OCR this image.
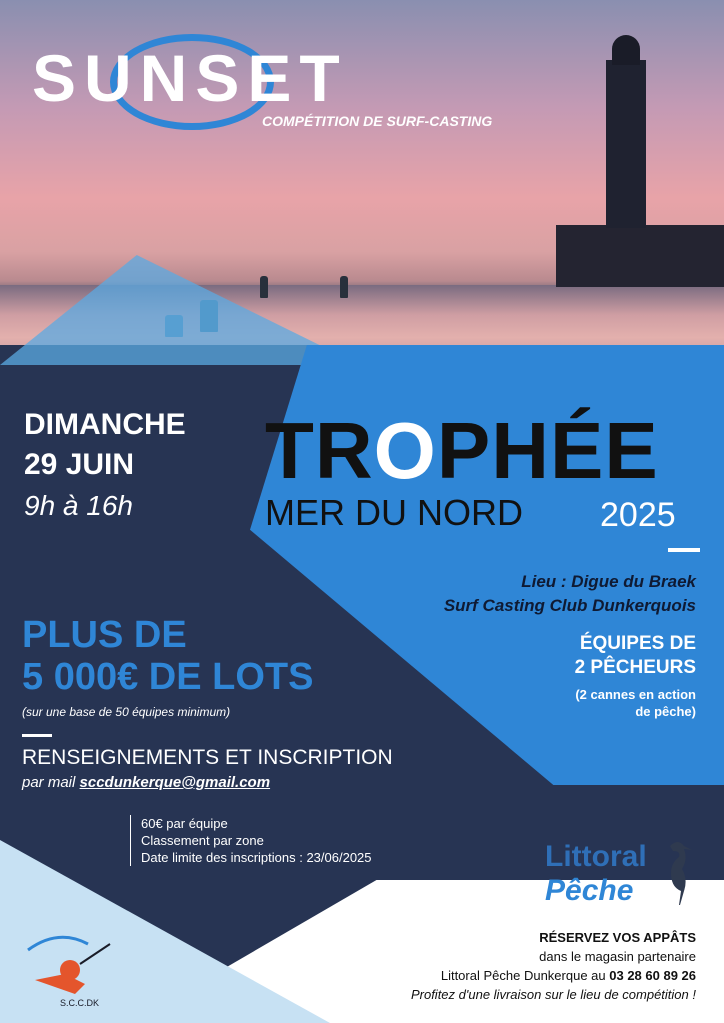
SUNSET
COMPÉTITION DE SURF-CASTING
DIMANCHE
29 JUIN
9h à 16h
TROPHÉE
MER DU NORD 2025
Lieu : Digue du Braek
Surf Casting Club Dunkerquois
ÉQUIPES DE
2 PÊCHEURS
(2 cannes en action
de pêche)
PLUS DE
5 000€ DE LOTS
(sur une base de 50 équipes minimum)
RENSEIGNEMENTS ET INSCRIPTION
par mail sccdunkerque@gmail.com
60€ par équipe
Classement par zone
Date limite des inscriptions : 23/06/2025	Littoral
Pêche
RÉSERVEZ VOS APPÂTS
dans le magasin partenaire
Littoral Pêche Dunkerque au 03 28 60 89 26
Profitez d'une livraison sur le lieu de compétition !
S.C.C.DK
